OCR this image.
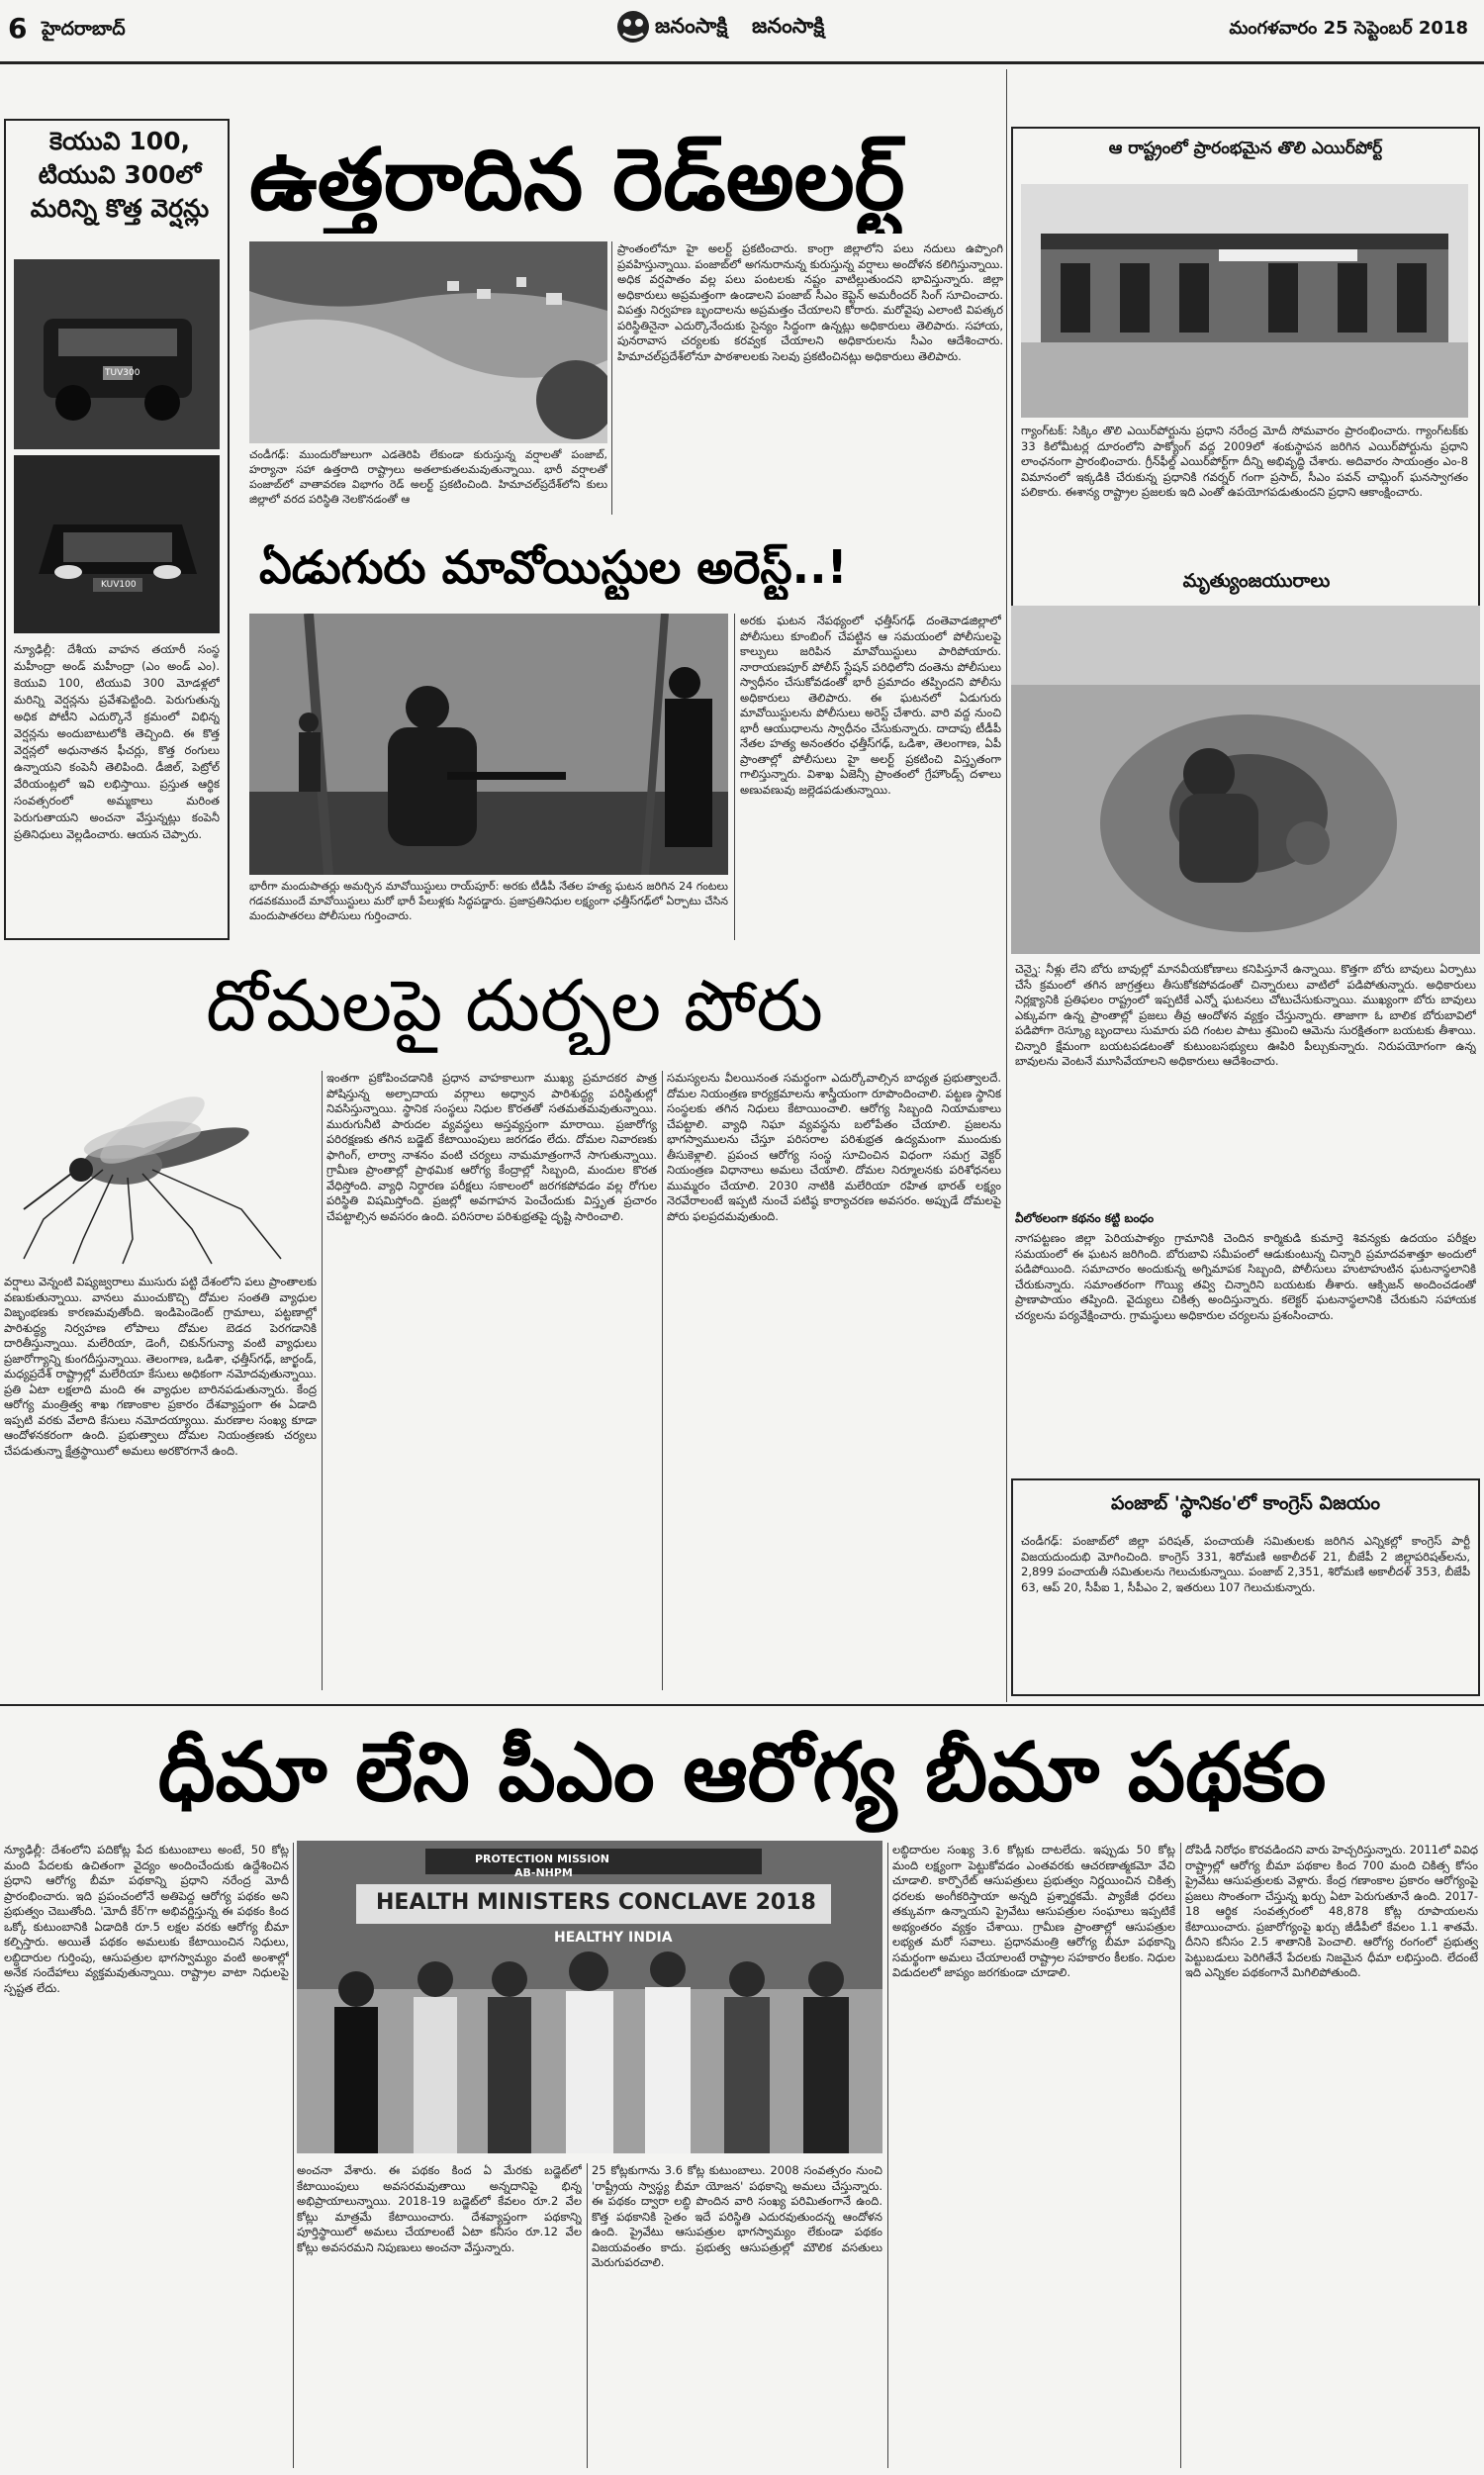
6 హైదరాబాద్	జనంసాక్షి జనంసాక్షి	మంగళవారం 25 సెప్టెంబర్ 2018
కెయువి 100, టియువి 300లో మరిన్ని కొత్త వెర్షన్లు
TUV300
KUV100
న్యూఢిల్లీ: దేశీయ వాహన తయారీ సంస్థ మహీంద్రా అండ్ మహీంద్రా (ఎం అండ్ ఎం). కెయువి 100, టియువి 300 మోడళ్లలో మరిన్ని వెర్షన్లను ప్రవేశపెట్టింది. పెరుగుతున్న అధిక పోటీని ఎదుర్కొనే క్రమంలో విభిన్న వెర్షన్లను అందుబాటులోకి తెచ్చింది. ఈ కొత్త వెర్షన్లలో అధునాతన ఫీచర్లు, కొత్త రంగులు ఉన్నాయని కంపెనీ తెలిపింది. డీజిల్, పెట్రోల్ వేరియంట్లలో ఇవి లభిస్తాయి. ప్రస్తుత ఆర్థిక సంవత్సరంలో అమ్మకాలు మరింత పెరుగుతాయని అంచనా వేస్తున్నట్లు కంపెనీ ప్రతినిధులు వెల్లడించారు. ఆయన చెప్పారు.
ఉత్తరాదిన రెడ్అలర్ట్
చండీగఢ్: ముందురోజులుగా ఎడతెరిపి లేకుండా కురుస్తున్న వర్షాలతో పంజాబ్, హర్యానా సహా ఉత్తరాది రాష్ట్రాలు అతలాకుతలమవుతున్నాయి. భారీ వర్షాలతో పంజాబ్‌లో వాతావరణ విభాగం రెడ్ అలర్ట్ ప్రకటించింది. హిమాచల్‌ప్రదేశ్‌లోని కులు జిల్లాలో వరద పరిస్థితి నెలకొనడంతో ఆ
ప్రాంతంలోనూ హై అలర్ట్ ప్రకటించారు. కాంగ్రా జిల్లాలోని పలు నదులు ఉప్పొంగి ప్రవహిస్తున్నాయి. పంజాబ్‌లో అగనురానున్న కురుస్తున్న వర్షాలు అందోళన కలిగిస్తున్నాయి. అధిక వర్షపాతం వల్ల పలు పంటలకు నష్టం వాటిల్లుతుందని భావిస్తున్నారు. జిల్లా అధికారులు అప్రమత్తంగా ఉండాలని పంజాబ్ సీఎం కెప్టెన్ అమరీందర్ సింగ్ సూచించారు. విపత్తు నిర్వహణ బృందాలను అప్రమత్తం చేయాలని కోరారు. మరోవైపు ఎలాంటి విపత్కర పరిస్థితినైనా ఎదుర్కొనేందుకు సైన్యం సిద్ధంగా ఉన్నట్లు అధికారులు తెలిపారు. సహాయ, పునరావాస చర్యలకు కరవ్వక చేయాలని అధికారులను సీఎం ఆదేశించారు. హిమాచల్‌ప్రదేశ్‌లోనూ పాఠశాలలకు సెలవు ప్రకటించినట్లు అధికారులు తెలిపారు.
ఆ రాష్ట్రంలో ప్రారంభమైన తొలి ఎయిర్‌పోర్ట్
గ్యాంగ్‌టక్: సిక్కిం తొలి ఎయిర్‌పోర్టును ప్రధాని నరేంద్ర మోదీ సోమవారం ప్రారంభించారు. గ్యాంగ్‌టక్‌కు 33 కిలోమీటర్ల దూరంలోని పాక్యోంగ్ వద్ద 2009లో శంకుస్థాపన జరిగిన ఎయిర్‌పోర్టును ప్రధాని లాంఛనంగా ప్రారంభించారు. గ్రీన్‌ఫీల్డ్ ఎయిర్‌పోర్ట్‌గా దీన్ని అభివృద్ధి చేశారు. అదివారం సాయంత్రం ఎం-8 విమానంలో ఇక్కడికి చేరుకున్న ప్రధానికి గవర్నర్ గంగా ప్రసాద్, సీఎం పవన్ చామ్లింగ్ ఘనస్వాగతం పలికారు. ఈశాన్య రాష్ట్రాల ప్రజలకు ఇది ఎంతో ఉపయోగపడుతుందని ప్రధాని ఆకాంక్షించారు.
మృత్యుంజయురాలు
ఏడుగురు మావోయిస్టుల అరెస్ట్..!
భారీగా మందుపాతర్లు అమర్చిన మావోయిస్టులు రాయ్‌పూర్: అరకు టీడీపీ నేతల హత్య ఘటన జరిగిన 24 గంటలు గడవకముందే మావోయిస్టులు మరో భారీ పేలుళ్లకు సిద్ధపడ్డారు. ప్రజాప్రతినిధుల లక్ష్యంగా ఛత్తీస్‌గఢ్‌లో ఏర్పాటు చేసిన మందుపాతరలు పోలీసులు గుర్తించారు.
అరకు ఘటన నేపథ్యంలో ఛత్తీస్‌గఢ్ దంతెవాడజిల్లాలో పోలీసులు కూంబింగ్ చేపట్టిన ఆ సమయంలో పోలీసులపై కాల్పులు జరిపిన మావోయిస్టులు పారిపోయారు. నారాయణపూర్ పోలీస్ స్టేషన్ పరిధిలోని దంతెను పోలీసులు స్వాధీనం చేసుకోవడంతో భారీ ప్రమాదం తప్పిందని పోలీసు అధికారులు తెలిపారు. ఈ ఘటనలో ఏడుగురు మావోయిస్టులను పోలీసులు అరెస్ట్ చేశారు. వారి వద్ద నుంచి భారీ ఆయుధాలను స్వాధీనం చేసుకున్నారు. దాదాపు టీడీపీ నేతల హత్య అనంతరం ఛత్తీస్‌గఢ్, ఒడిశా, తెలంగాణ, ఏపీ ప్రాంతాల్లో పోలీసులు హై అలర్ట్ ప్రకటించి విస్తృతంగా గాలిస్తున్నారు. విశాఖ ఏజెన్సీ ప్రాంతంలో గ్రేహౌండ్స్ దళాలు అణువణువు జల్లెడపడుతున్నాయి.
చెన్నై: నీళ్లు లేని బోరు బావుల్లో మానవీయకోణాలు కనిపిస్తూనే ఉన్నాయి. కొత్తగా బోరు బావులు ఏర్పాటు చేసే క్రమంలో తగిన జాగ్రత్తలు తీసుకోకపోవడంతో చిన్నారులు వాటిలో పడిపోతున్నారు. అధికారులు నిర్లక్ష్యానికి ప్రతిఫలం రాష్ట్రంలో ఇప్పటికే ఎన్నో ఘటనలు చోటుచేసుకున్నాయి. ముఖ్యంగా బోరు బావులు ఎక్కువగా ఉన్న ప్రాంతాల్లో ప్రజలు తీవ్ర ఆందోళన వ్యక్తం చేస్తున్నారు. తాజాగా ఓ బాలిక బోరుబావిలో పడిపోగా రెస్క్యూ బృందాలు సుమారు పది గంటల పాటు శ్రమించి ఆమెను సురక్షితంగా బయటకు తీశాయి. చిన్నారి క్షేమంగా బయటపడటంతో కుటుంబసభ్యులు ఊపిరి పీల్చుకున్నారు. నిరుపయోగంగా ఉన్న బావులను వెంటనే మూసివేయాలని అధికారులు ఆదేశించారు.
వీలోఠలంగా కథనం కట్టి బంధం
నాగపట్టణం జిల్లా పెరియపాళ్యం గ్రామానికి చెందిన కార్మికుడి కుమార్తె శివన్యకు ఉదయం పరీక్షల సమయంలో ఈ ఘటన జరిగింది. బోరుబావి సమీపంలో ఆడుకుంటున్న చిన్నారి ప్రమాదవశాత్తూ అందులో పడిపోయింది. సమాచారం అందుకున్న అగ్నిమాపక సిబ్బంది, పోలీసులు హుటాహుటిన ఘటనాస్థలానికి చేరుకున్నారు. సమాంతరంగా గొయ్యి తవ్వి చిన్నారిని బయటకు తీశారు. ఆక్సిజన్ అందించడంతో ప్రాణాపాయం తప్పింది. వైద్యులు చికిత్స అందిస్తున్నారు. కలెక్టర్ ఘటనాస్థలానికి చేరుకుని సహాయక చర్యలను పర్యవేక్షించారు. గ్రామస్థులు అధికారుల చర్యలను ప్రశంసించారు.
పంజాబ్ 'స్థానికం'లో కాంగ్రెస్ విజయం
చండీగఢ్: పంజాబ్‌లో జిల్లా పరిషత్, పంచాయతీ సమితులకు జరిగిన ఎన్నికల్లో కాంగ్రెస్ పార్టీ విజయదుందుభి మోగించింది. కాంగ్రెస్ 331, శిరోమణి అకాలీదళ్ 21, బీజేపీ 2 జిల్లాపరిషత్‌లను, 2,899 పంచాయతీ సమితులను గెలుచుకున్నాయి. పంజాబ్ 2,351, శిరోమణి అకాలీదళ్ 353, బీజేపీ 63, ఆప్ 20, సీపీఐ 1, సీపీఎం 2, ఇతరులు 107 గెలుచుకున్నారు.
దోమలపై దుర్బల పోరు
వర్షాలు వెన్నంటి విష్యజ్వరాలు ముసురు పట్టి దేశంలోని పలు ప్రాంతాలకు వణుకుతున్నాయి. వానలు ముంచుకొచ్చి దోమల సంతతి వ్యాధుల విజృంభణకు కారణమవుతోంది. ఇండిపెండెంట్ గ్రామాలు, పట్టణాల్లో పారిశుద్ధ్య నిర్వహణ లోపాలు దోమల బెడద పెరగడానికి దారితీస్తున్నాయి. మలేరియా, డెంగీ, చికున్‌గున్యా వంటి వ్యాధులు ప్రజారోగ్యాన్ని కుంగదీస్తున్నాయి. తెలంగాణ, ఒడిశా, ఛత్తీస్‌గఢ్, జార్ఖండ్, మధ్యప్రదేశ్ రాష్ట్రాల్లో మలేరియా కేసులు అధికంగా నమోదవుతున్నాయి. ప్రతి ఏటా లక్షలాది మంది ఈ వ్యాధుల బారినపడుతున్నారు. కేంద్ర ఆరోగ్య మంత్రిత్వ శాఖ గణాంకాల ప్రకారం దేశవ్యాప్తంగా ఈ ఏడాది ఇప్పటి వరకు వేలాది కేసులు నమోదయ్యాయి. మరణాల సంఖ్య కూడా ఆందోళనకరంగా ఉంది. ప్రభుత్వాలు దోమల నియంత్రణకు చర్యలు చేపడుతున్నా క్షేత్రస్థాయిలో అమలు అరకొరగానే ఉంది.
ఇంతగా ప్రకోపించడానికి ప్రధాన వాహకాలుగా ముఖ్య ప్రమాదకర పాత్ర పోషిస్తున్న అల్పాదాయ వర్గాలు అధ్వాన పారిశుద్ధ్య పరిస్థితుల్లో నివసిస్తున్నాయి. స్థానిక సంస్థలు నిధుల కొరతతో సతమతమవుతున్నాయి. మురుగునీటి పారుదల వ్యవస్థలు అస్తవ్యస్తంగా మారాయి. ప్రజారోగ్య పరిరక్షణకు తగిన బడ్జెట్ కేటాయింపులు జరగడం లేదు. దోమల నివారణకు ఫాగింగ్, లార్వా నాశనం వంటి చర్యలు నామమాత్రంగానే సాగుతున్నాయి. గ్రామీణ ప్రాంతాల్లో ప్రాథమిక ఆరోగ్య కేంద్రాల్లో సిబ్బంది, మందుల కొరత వేధిస్తోంది. వ్యాధి నిర్ధారణ పరీక్షలు సకాలంలో జరగకపోవడం వల్ల రోగుల పరిస్థితి విషమిస్తోంది. ప్రజల్లో అవగాహన పెంచేందుకు విస్తృత ప్రచారం చేపట్టాల్సిన అవసరం ఉంది. పరిసరాల పరిశుభ్రతపై దృష్టి సారించాలి.
సమస్యలను వీలయినంత సమర్థంగా ఎదుర్కోవాల్సిన బాధ్యత ప్రభుత్వాలదే. దోమల నియంత్రణ కార్యక్రమాలను శాస్త్రీయంగా రూపొందించాలి. పట్టణ స్థానిక సంస్థలకు తగిన నిధులు కేటాయించాలి. ఆరోగ్య సిబ్బంది నియామకాలు చేపట్టాలి. వ్యాధి నిఘా వ్యవస్థను బలోపేతం చేయాలి. ప్రజలను భాగస్వాములను చేస్తూ పరిసరాల పరిశుభ్రత ఉద్యమంగా ముందుకు తీసుకెళ్లాలి. ప్రపంచ ఆరోగ్య సంస్థ సూచించిన విధంగా సమగ్ర వెక్టర్ నియంత్రణ విధానాలు అమలు చేయాలి. దోమల నిర్మూలనకు పరిశోధనలు ముమ్మరం చేయాలి. 2030 నాటికి మలేరియా రహిత భారత్ లక్ష్యం నెరవేరాలంటే ఇప్పటి నుంచే పటిష్ఠ కార్యాచరణ అవసరం. అప్పుడే దోమలపై పోరు ఫలప్రదమవుతుంది.
ధీమా లేని పీఎం ఆరోగ్య బీమా పథకం
న్యూఢిల్లీ: దేశంలోని పదికోట్ల పేద కుటుంబాలు అంటే, 50 కోట్ల మంది పేదలకు ఉచితంగా వైద్యం అందించేందుకు ఉద్దేశించిన ప్రధాని ఆరోగ్య బీమా పథకాన్ని ప్రధాని నరేంద్ర మోదీ ప్రారంభించారు. ఇది ప్రపంచంలోనే అతిపెద్ద ఆరోగ్య పథకం అని ప్రభుత్వం చెబుతోంది. 'మోదీ కేర్'గా అభివర్ణిస్తున్న ఈ పథకం కింద ఒక్కో కుటుంబానికి ఏడాదికి రూ.5 లక్షల వరకు ఆరోగ్య బీమా కల్పిస్తారు. అయితే పథకం అమలుకు కేటాయించిన నిధులు, లబ్ధిదారుల గుర్తింపు, ఆసుపత్రుల భాగస్వామ్యం వంటి అంశాల్లో అనేక సందేహాలు వ్యక్తమవుతున్నాయి. రాష్ట్రాల వాటా నిధులపై స్పష్టత లేదు.
PROTECTION MISSION
AB-NHPM
HEALTH MINISTERS CONCLAVE 2018
HEALTHY INDIA
అంచనా వేశారు. ఈ పథకం కింద ఏ మేరకు బడ్జెట్‌లో కేటాయింపులు అవసరమవుతాయి అన్నదానిపై భిన్న అభిప్రాయాలున్నాయి. 2018-19 బడ్జెట్‌లో కేవలం రూ.2 వేల కోట్లు మాత్రమే కేటాయించారు. దేశవ్యాప్తంగా పథకాన్ని పూర్తిస్థాయిలో అమలు చేయాలంటే ఏటా కనీసం రూ.12 వేల కోట్లు అవసరమని నిపుణులు అంచనా వేస్తున్నారు.
25 కోట్లకుగాను 3.6 కోట్ల కుటుంబాలు. 2008 సంవత్సరం నుంచి 'రాష్ట్రీయ స్వాస్థ్య బీమా యోజన' పథకాన్ని అమలు చేస్తున్నారు. ఈ పథకం ద్వారా లబ్ధి పొందిన వారి సంఖ్య పరిమితంగానే ఉంది. కొత్త పథకానికి సైతం ఇదే పరిస్థితి ఎదురవుతుందన్న ఆందోళన ఉంది. ప్రైవేటు ఆసుపత్రుల భాగస్వామ్యం లేకుండా పథకం విజయవంతం కాదు. ప్రభుత్వ ఆసుపత్రుల్లో మౌలిక వసతులు మెరుగుపరచాలి.
లబ్ధిదారుల సంఖ్య 3.6 కోట్లకు దాటలేదు. ఇప్పుడు 50 కోట్ల మంది లక్ష్యంగా పెట్టుకోవడం ఎంతవరకు ఆచరణాత్మకమో వేచి చూడాలి. కార్పొరేట్ ఆసుపత్రులు ప్రభుత్వం నిర్ణయించిన చికిత్స ధరలకు అంగీకరిస్తాయా అన్నది ప్రశ్నార్థకమే. ప్యాకేజీ ధరలు తక్కువగా ఉన్నాయని ప్రైవేటు ఆసుపత్రుల సంఘాలు ఇప్పటికే అభ్యంతరం వ్యక్తం చేశాయి. గ్రామీణ ప్రాంతాల్లో ఆసుపత్రుల లభ్యత మరో సవాలు. ప్రధానమంత్రి ఆరోగ్య బీమా పథకాన్ని సమర్థంగా అమలు చేయాలంటే రాష్ట్రాల సహకారం కీలకం. నిధుల విడుదలలో జాప్యం జరగకుండా చూడాలి.
దోపిడీ నిరోధం కొరవడిందని వారు హెచ్చరిస్తున్నారు. 2011లో వివిధ రాష్ట్రాల్లో ఆరోగ్య బీమా పథకాల కింద 700 మంది చికిత్స కోసం ప్రైవేటు ఆసుపత్రులకు వెళ్లారు. కేంద్ర గణాంకాల ప్రకారం ఆరోగ్యంపై ప్రజలు సొంతంగా చేస్తున్న ఖర్చు ఏటా పెరుగుతూనే ఉంది. 2017-18 ఆర్థిక సంవత్సరంలో 48,878 కోట్ల రూపాయలను కేటాయించారు. ప్రజారోగ్యంపై ఖర్చు జీడీపీలో కేవలం 1.1 శాతమే. దీనిని కనీసం 2.5 శాతానికి పెంచాలి. ఆరోగ్య రంగంలో ప్రభుత్వ పెట్టుబడులు పెరిగితేనే పేదలకు నిజమైన ధీమా లభిస్తుంది. లేదంటే ఇది ఎన్నికల పథకంగానే మిగిలిపోతుంది.
